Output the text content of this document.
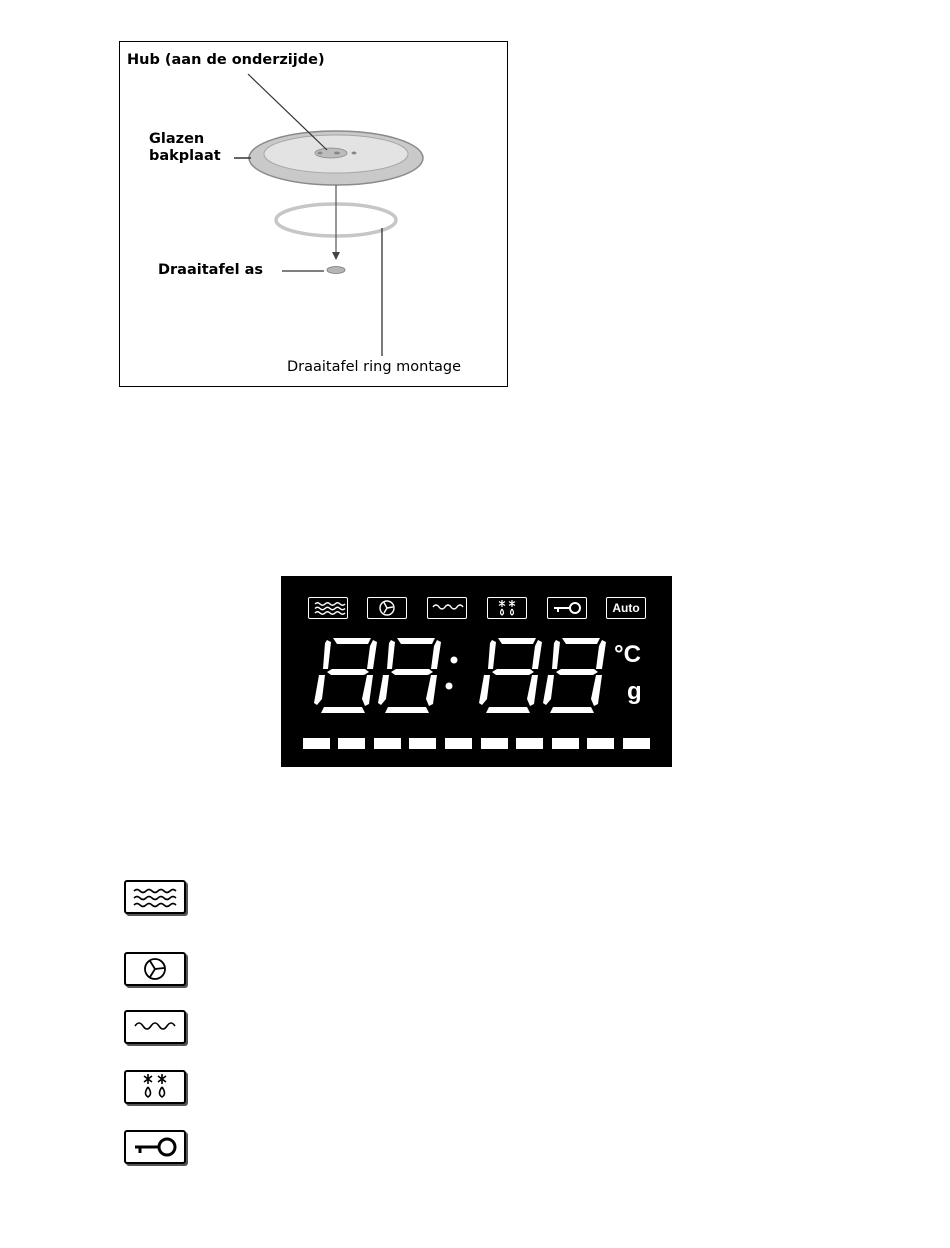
Hub (aan de onderzijde)
Glazen
bakplaat
Draaitafel as
Draaitafel ring montage
Auto
°C
g
